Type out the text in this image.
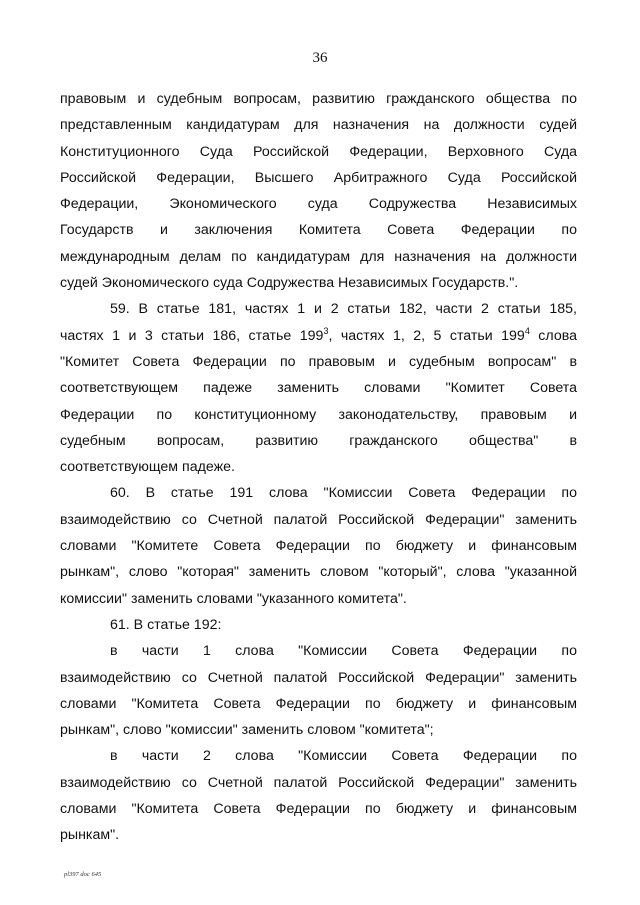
36

правовым и судебным вопросам, развитию гражданского общества по
представленным кандидатурам для назначения на должности судей
Конституционного Суда Российской Федерации, Верховного Суда
Российской Федерации, Высшего Арбитражного Суда Российской
Федерации, Экономического суда Содружества Независимых
Государств и заключения Комитета Совета Федерации по
международным делам по кандидатурам для назначения на должности
судей Экономического суда Содружества Независимых Государств.".

59. В статье 181, частях 1 и 2 статьи 182, части 2 статьи 185,
частях 1 и 3 статьи 186, статье $199^3$, частях 1, 2, 5 статьи $199^4$ слова
"Комитет Совета Федерации по правовым и судебным вопросам" в
соответствующем падеже заменить словами "Комитет Совета
Федерации по конституционному законодательству, правовым и
судебным вопросам, развитию гражданского общества" в
соответствующем падеже.

60. В статье 191 слова "Комиссии Совета Федерации по
взаимодействию со Счетной палатой Российской Федерации" заменить
словами "Комитете Совета Федерации по бюджету и финансовым
рынкам", слово "которая" заменить словом "который", слова "указанной
комиссии" заменить словами "указанного комитета".

61. В статье 192:

в части 1 слова "Комиссии Совета Федерации по
взаимодействию со Счетной палатой Российской Федерации" заменить
словами "Комитета Совета Федерации по бюджету и финансовым
рынкам", слово "комиссии" заменить словом "комитета";

в части 2 слова "Комиссии Совета Федерации по
взаимодействию со Счетной палатой Российской Федерации" заменить
словами "Комитета Совета Федерации по бюджету и финансовым
рынкам".

pl397 doc 645
